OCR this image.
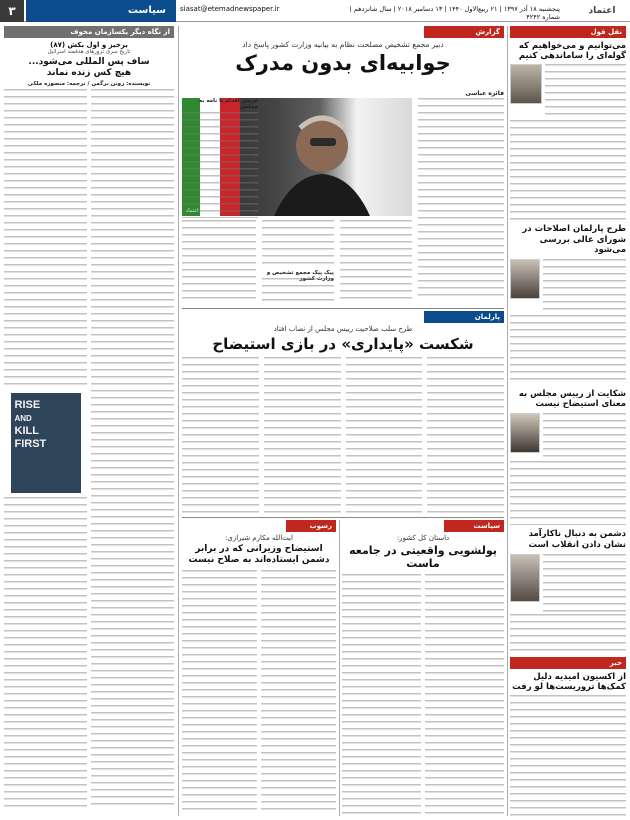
۳	سیاست	siasat@etemadnewspaper.ir	پنجشنبه ۱۸ آذر ۱۳۹۷ | ۲۱ ربیع‌الاول ۱۴۴۰ | ۱۳ دسامبر ۲۰۱۸ | سال شانزدهم | شماره ۴۲۴۲
اعتماد
نقل قول
می‌توانیم و می‌خواهیم که گوله‌ای را ساماندهی کنیم
طرح پارلمان اصلاحات در شورای عالی بررسی می‌شود
شکایت از رییس مجلس به معنای استیضاح نیست
دشمن به دنبال ناکارآمد نشان دادن انقلاب است
خبر
از اکسیون امیدیه دلیل کمک‌ها تروریست‌ها لو رفت
گزارش
دبیر مجمع تشخیص مصلحت نظام به بیانیه وزارت کشور پاسخ داد
جوابیه‌ای بدون مدرک
فائزه عباسی
عکس: اعتماد
پیک پیک مجمع تشخیص و وزارت کشور
جرمی اقدام با نامه به مجلس
پارلمان
طرح سلب صلاحیت رییس مجلس از نصاب افتاد
شکست «پایداری» در بازی استیضاح
سیاست
داستان کل کشور:
پولشویی واقعیتی در جامعه ماست
رسوب
ایت‌الله مکارم شیرازی:
استیضاح وزیرانی که در برابر دشمن ایستاده‌اند به صلاح نیست
از نگاه دیگر یکسازمان مخوف
برخیز و اول بکش (۸۷)
تاریخ سری ترورهای هدفمند اسرائیل
ساف پس المللی می‌شود...
هیچ کس زنده نماند
نویسنده: رونن برگمن / ترجمه: منصوره ملکی
RISE
AND
KILL
FIRST
